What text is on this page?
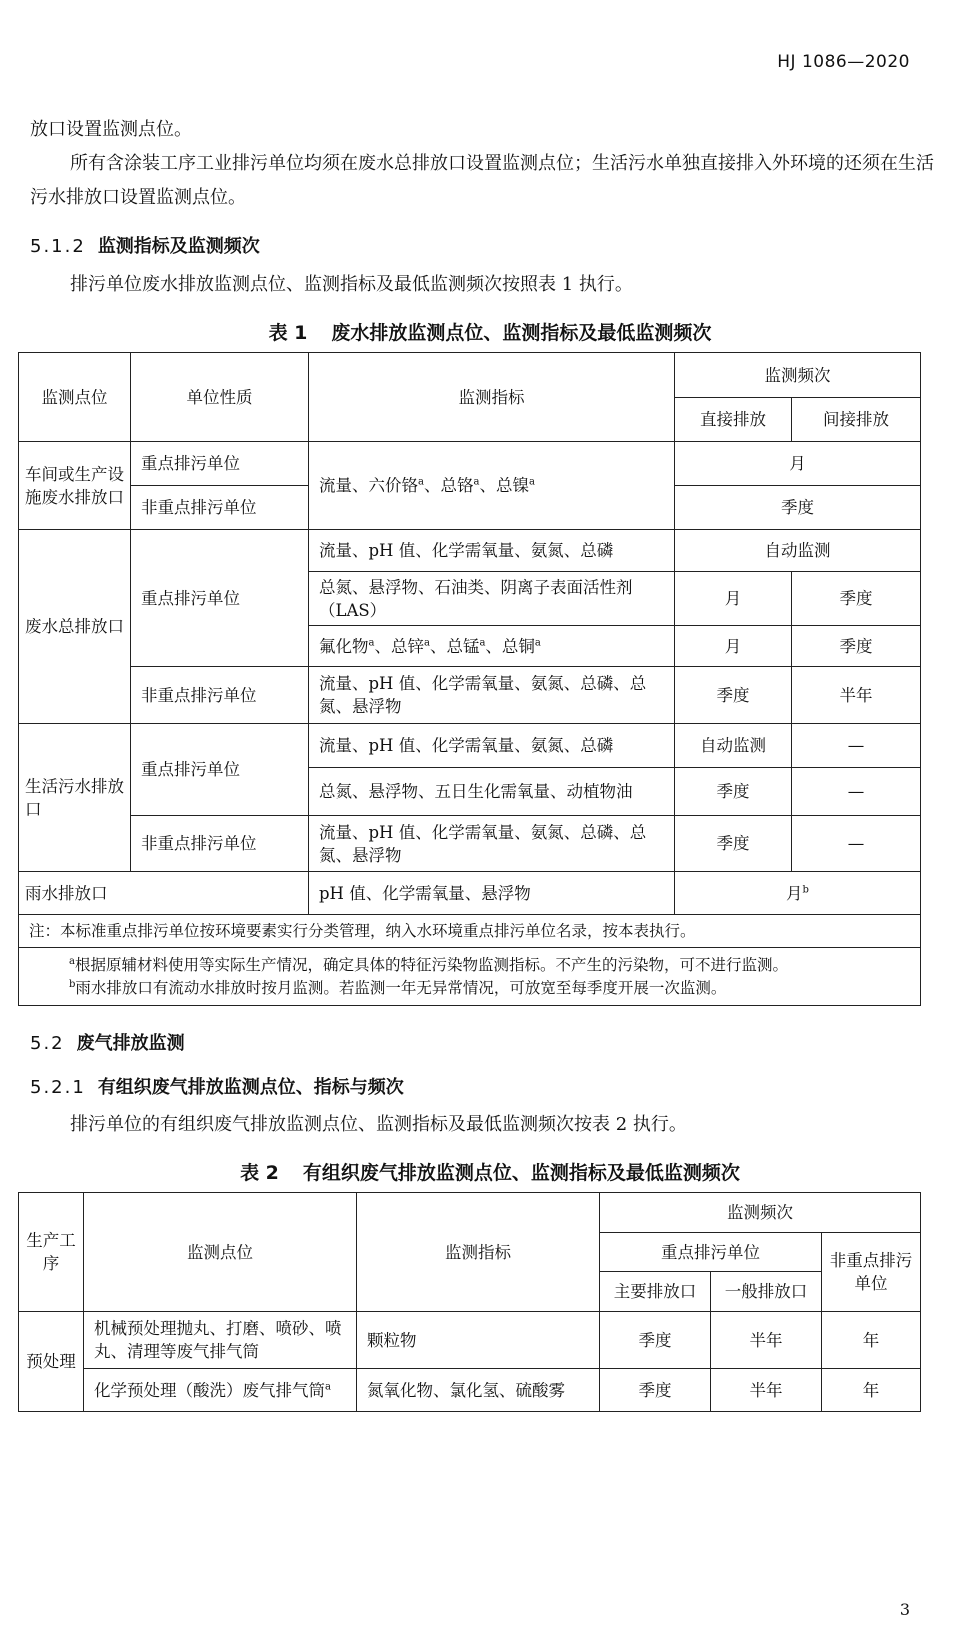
HJ 1086—2020
放口设置监测点位。
所有含涂装工序工业排污单位均须在废水总排放口设置监测点位；生活污水单独直接排入外环境的还须在生活污水排放口设置监测点位。
5.1.2 监测指标及监测频次
排污单位废水排放监测点位、监测指标及最低监测频次按照表 1 执行。
表 1 废水排放监测点位、监测指标及最低监测频次
监测点位	单位性质	监测指标	监测频次	
			直接排放	间接排放
车间或生产设施废水排放口	重点排污单位	流量、六价铬$^a$、总铬$^a$、总镍$^a$	月	
	非重点排污单位		季度	
废水总排放口	重点排污单位	流量、pH 值、化学需氧量、氨氮、总磷	自动监测	
		总氮、悬浮物、石油类、阴离子表面活性剂（LAS）	月	季度
		氟化物$^a$、总锌$^a$、总锰$^a$、总铜$^a$	月	季度
	非重点排污单位	流量、pH 值、化学需氧量、氨氮、总磷、总氮、悬浮物	季度	半年
生活污水排放口	重点排污单位	流量、pH 值、化学需氧量、氨氮、总磷	自动监测	—
		总氮、悬浮物、五日生化需氧量、动植物油	季度	—
	非重点排污单位	流量、pH 值、化学需氧量、氨氮、总磷、总氮、悬浮物	季度	—
雨水排放口		pH 值、化学需氧量、悬浮物	月$^b$
注：本标准重点排污单位按环境要素实行分类管理，纳入水环境重点排污单位名录，按本表执行。				

$^a$根据原辅材料使用等实际生产情况，确定具体的特征污染物监测指标。不产生的污染物，可不进行监测。
$^b$雨水排放口有流动水排放时按月监测。若监测一年无异常情况，可放宽至每季度开展一次监测。				
5.2 废气排放监测
5.2.1 有组织废气排放监测点位、指标与频次
排污单位的有组织废气排放监测点位、监测指标及最低监测频次按表 2 执行。
表 2 有组织废气排放监测点位、监测指标及最低监测频次
生产工序	监测点位	监测指标	监测频次		
			重点排污单位		非重点排污单位
			主要排放口	一般排放口	
预处理	机械预处理抛丸、打磨、喷砂、喷丸、清理等废气排气筒	颗粒物	季度	半年	年
	化学预处理（酸洗）废气排气筒$^a$	氮氧化物、氯化氢、硫酸雾	季度	半年	年
3
